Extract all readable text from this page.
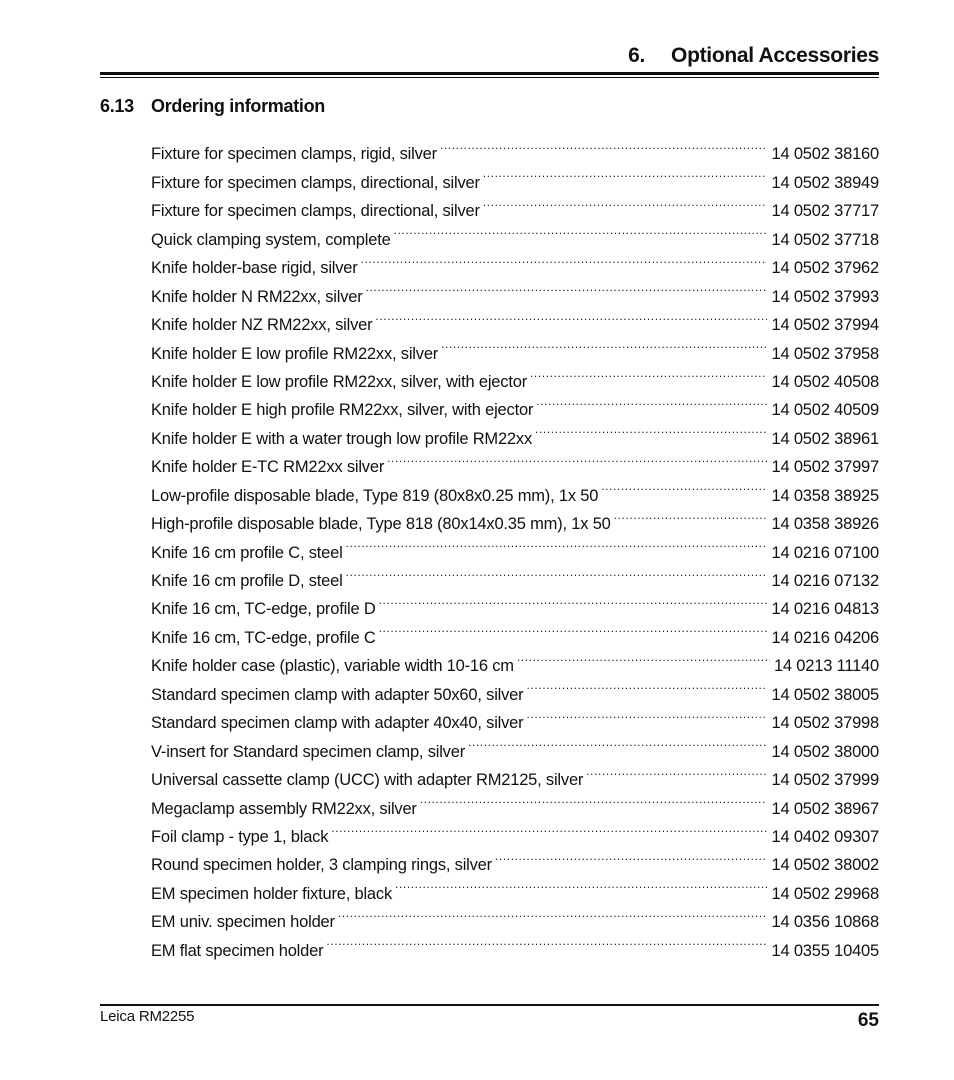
6. Optional Accessories
6.13 Ordering information
Fixture for specimen clamps, rigid, silver .....	14 0502 38160
Fixture for specimen clamps, directional, silver .....	14 0502 38949
Fixture for specimen clamps, directional, silver .....	14 0502 37717
Quick clamping system, complete .....	14 0502 37718
Knife holder-base rigid, silver .....	14 0502 37962
Knife holder N RM22xx, silver .....	14 0502 37993
Knife holder NZ RM22xx, silver .....	14 0502 37994
Knife holder E low profile RM22xx, silver .....	14 0502 37958
Knife holder E low profile RM22xx, silver, with ejector .....	14 0502 40508
Knife holder E high profile RM22xx, silver, with ejector .....	14 0502 40509
Knife holder E with a water trough low profile RM22xx .....	14 0502 38961
Knife holder E-TC RM22xx silver .....	14 0502 37997
Low-profile disposable blade, Type 819 (80x8x0.25 mm), 1x 50 .....	14 0358 38925
High-profile disposable blade, Type 818 (80x14x0.35 mm), 1x 50 .....	14 0358 38926
Knife 16 cm profile C, steel .....	14 0216 07100
Knife 16 cm profile D, steel .....	14 0216 07132
Knife 16 cm, TC-edge, profile D .....	14 0216 04813
Knife 16 cm, TC-edge, profile C .....	14 0216 04206
Knife holder case (plastic), variable width 10-16 cm .....	14 0213 11140
Standard specimen clamp with adapter 50x60, silver .....	14 0502 38005
Standard specimen clamp with adapter 40x40, silver .....	14 0502 37998
V-insert for Standard specimen clamp, silver .....	14 0502 38000
Universal cassette clamp (UCC) with adapter RM2125, silver .....	14 0502 37999
Megaclamp assembly RM22xx, silver .....	14 0502 38967
Foil clamp - type 1, black .....	14 0402 09307
Round specimen holder, 3 clamping rings, silver .....	14 0502 38002
EM specimen holder fixture, black .....	14 0502 29968
EM univ. specimen holder .....	14 0356 10868
EM flat specimen holder .....	14 0355 10405
Leica RM2255	65
